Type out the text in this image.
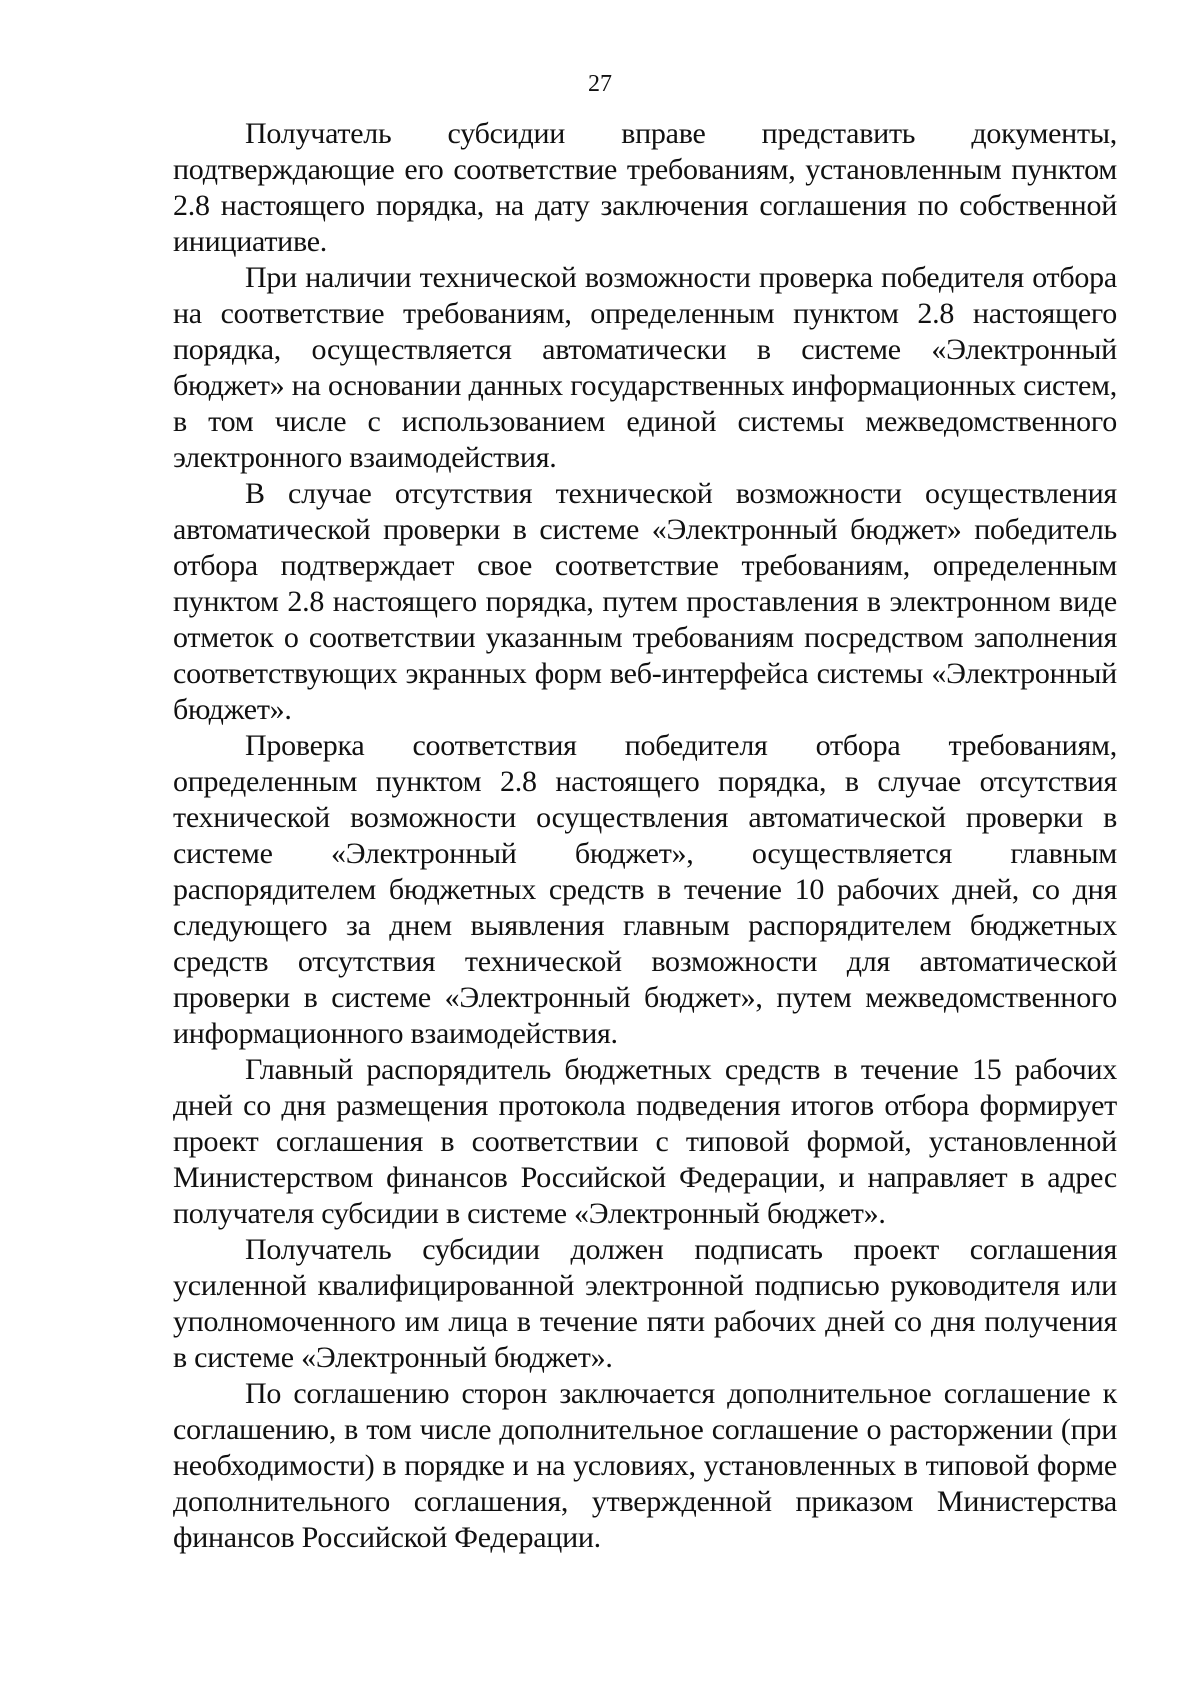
27

Получатель субсидии вправе представить документы, подтверждающие его соответствие требованиям, установленным пунктом 2.8 настоящего порядка, на дату заключения соглашения по собственной инициативе.

При наличии технической возможности проверка победителя отбора на соответствие требованиям, определенным пунктом 2.8 настоящего порядка, осуществляется автоматически в системе «Электронный бюджет» на основании данных государственных информационных систем, в том числе с использованием единой системы межведомственного электронного взаимодействия.

В случае отсутствия технической возможности осуществления автоматической проверки в системе «Электронный бюджет» победитель отбора подтверждает свое соответствие требованиям, определенным пунктом 2.8 настоящего порядка, путем проставления в электронном виде отметок о соответствии указанным требованиям посредством заполнения соответствующих экранных форм веб-интерфейса системы «Электронный бюджет».

Проверка соответствия победителя отбора требованиям, определенным пунктом 2.8 настоящего порядка, в случае отсутствия технической возможности осуществления автоматической проверки в системе «Электронный бюджет», осуществляется главным распорядителем бюджетных средств в течение 10 рабочих дней, со дня следующего за днем выявления главным распорядителем бюджетных средств отсутствия технической возможности для автоматической проверки в системе «Электронный бюджет», путем межведомственного информационного взаимодействия.

Главный распорядитель бюджетных средств в течение 15 рабочих дней со дня размещения протокола подведения итогов отбора формирует проект соглашения в соответствии с типовой формой, установленной Министерством финансов Российской Федерации, и направляет в адрес получателя субсидии в системе «Электронный бюджет».

Получатель субсидии должен подписать проект соглашения усиленной квалифицированной электронной подписью руководителя или уполномоченного им лица в течение пяти рабочих дней со дня получения в системе «Электронный бюджет».

По соглашению сторон заключается дополнительное соглашение к соглашению, в том числе дополнительное соглашение о расторжении (при необходимости) в порядке и на условиях, установленных в типовой форме дополнительного соглашения, утвержденной приказом Министерства финансов Российской Федерации.
